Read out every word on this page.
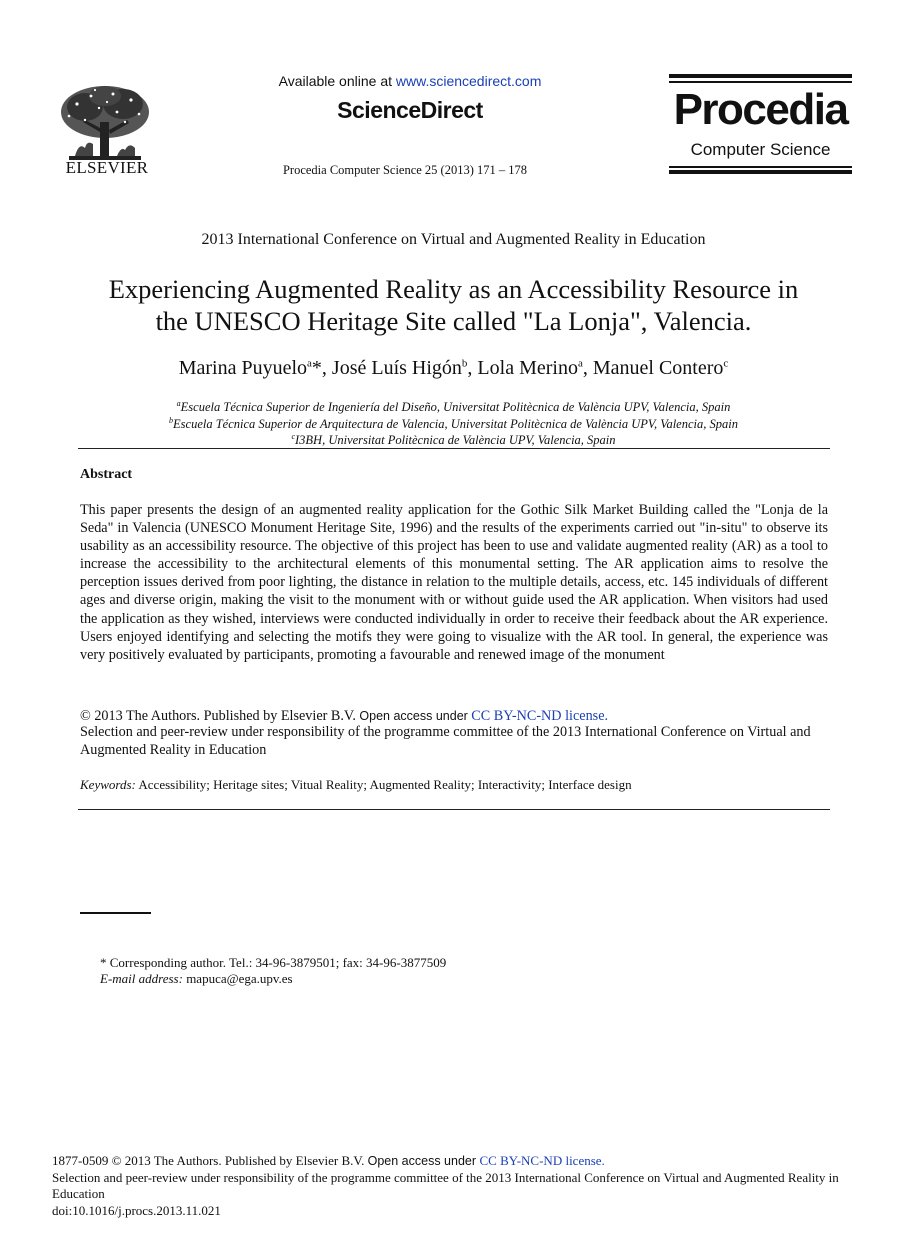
ELSEVIER
Available online at www.sciencedirect.com
ScienceDirect
Procedia Computer Science 25 (2013) 171 – 178
Procedia
Computer Science
2013 International Conference on Virtual and Augmented Reality in Education
Experiencing Augmented Reality as an Accessibility Resource in
the UNESCO Heritage Site called "La Lonja", Valencia.
Marina Puyuelo$^a$*, José Luís Higón$^b$, Lola Merino$^a$, Manuel Contero$^c$
$^a$Escuela Técnica Superior de Ingeniería del Diseño, Universitat Politècnica de València UPV, Valencia, Spain
$^b$Escuela Técnica Superior de Arquitectura de Valencia, Universitat Politècnica de València UPV, Valencia, Spain
$^c$I3BH, Universitat Politècnica de València UPV, Valencia, Spain
Abstract
This paper presents the design of an augmented reality application for the Gothic Silk Market Building called the "Lonja de la Seda" in Valencia (UNESCO Monument Heritage Site, 1996) and the results of the experiments carried out "in-situ" to observe its usability as an accessibility resource. The objective of this project has been to use and validate augmented reality (AR) as a tool to increase the accessibility to the architectural elements of this monumental setting. The AR application aims to resolve the perception issues derived from poor lighting, the distance in relation to the multiple details, access, etc. 145 individuals of different ages and diverse origin, making the visit to the monument with or without guide used the AR application. When visitors had used the application as they wished, interviews were conducted individually in order to receive their feedback about the AR experience. Users enjoyed identifying and selecting the motifs they were going to visualize with the AR tool. In general, the experience was very positively evaluated by participants, promoting a favourable and renewed image of the monument
© 2013 The Authors. Published by Elsevier B.V. Open access under CC BY-NC-ND license.
Selection and peer-review under responsibility of the programme committee of the 2013 International Conference on Virtual and Augmented Reality in Education
Keywords: Accessibility; Heritage sites; Vitual Reality; Augmented Reality; Interactivity; Interface design
* Corresponding author. Tel.: 34-96-3879501; fax: 34-96-3877509
E-mail address: mapuca@ega.upv.es
1877-0509 © 2013 The Authors. Published by Elsevier B.V. Open access under CC BY-NC-ND license.
Selection and peer-review under responsibility of the programme committee of the 2013 International Conference on Virtual and Augmented Reality in Education
doi:10.1016/j.procs.2013.11.021
